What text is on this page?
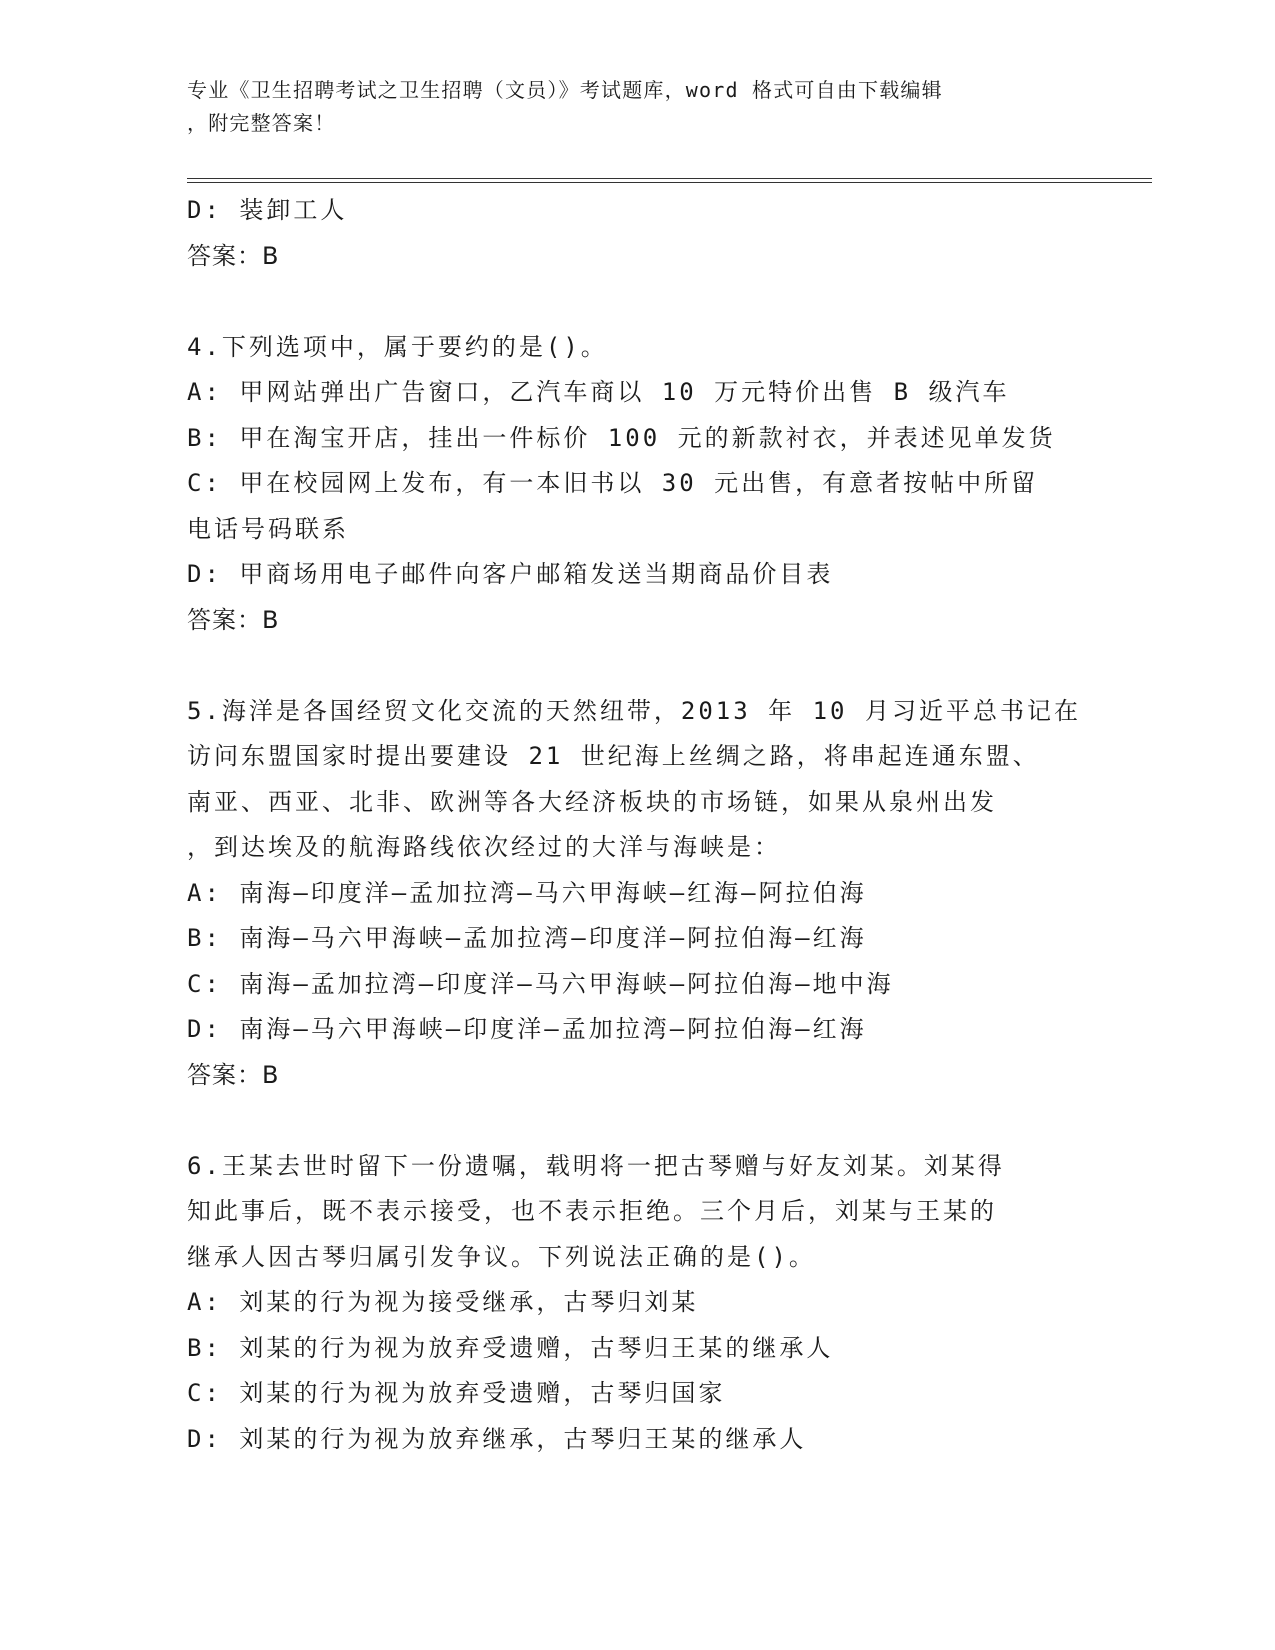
专业《卫生招聘考试之卫生招聘（文员）》考试题库，word 格式可自由下载编辑
，附完整答案！
D: 装卸工人
答案：B
4.下列选项中，属于要约的是()。
A: 甲网站弹出广告窗口，乙汽车商以 10 万元特价出售 B 级汽车
B: 甲在淘宝开店，挂出一件标价 100 元的新款衬衣，并表述见单发货
C: 甲在校园网上发布，有一本旧书以 30 元出售，有意者按帖中所留
电话号码联系
D: 甲商场用电子邮件向客户邮箱发送当期商品价目表
答案：B
5.海洋是各国经贸文化交流的天然纽带，2013 年 10 月习近平总书记在
访问东盟国家时提出要建设 21 世纪海上丝绸之路，将串起连通东盟、
南亚、西亚、北非、欧洲等各大经济板块的市场链，如果从泉州出发
，到达埃及的航海路线依次经过的大洋与海峡是：
A: 南海—印度洋—孟加拉湾—马六甲海峡—红海—阿拉伯海
B: 南海—马六甲海峡—孟加拉湾—印度洋—阿拉伯海—红海
C: 南海—孟加拉湾—印度洋—马六甲海峡—阿拉伯海—地中海
D: 南海—马六甲海峡—印度洋—孟加拉湾—阿拉伯海—红海
答案：B
6.王某去世时留下一份遗嘱，载明将一把古琴赠与好友刘某。刘某得
知此事后，既不表示接受，也不表示拒绝。三个月后，刘某与王某的
继承人因古琴归属引发争议。下列说法正确的是()。
A: 刘某的行为视为接受继承，古琴归刘某
B: 刘某的行为视为放弃受遗赠，古琴归王某的继承人
C: 刘某的行为视为放弃受遗赠，古琴归国家
D: 刘某的行为视为放弃继承，古琴归王某的继承人
